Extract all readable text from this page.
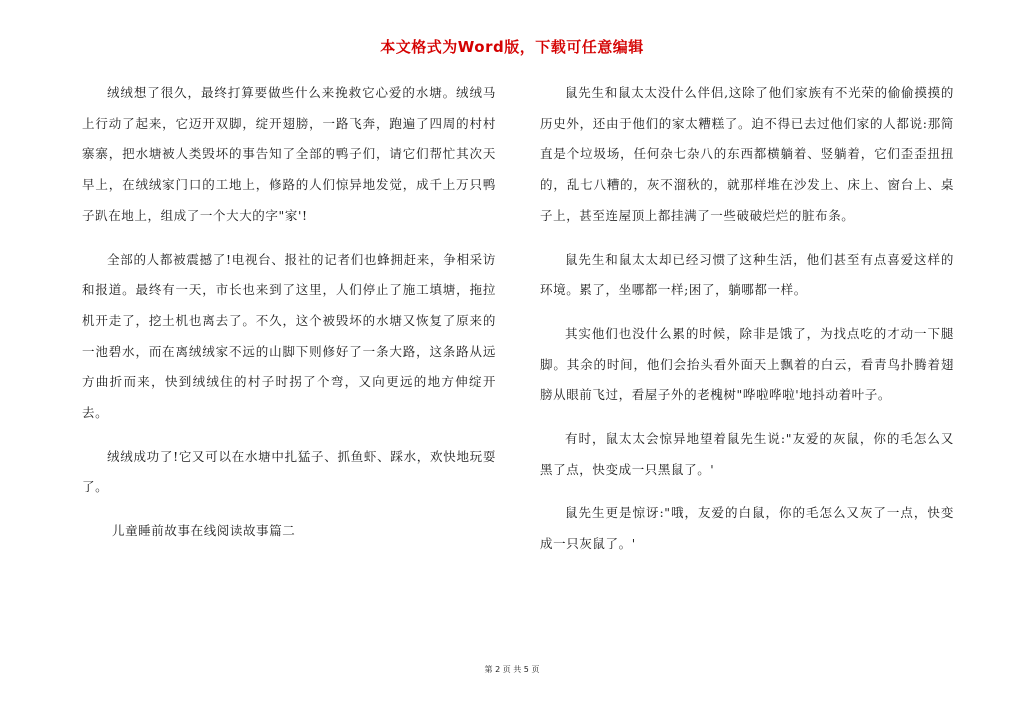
本文格式为Word版，下载可任意编辑

绒绒想了很久，最终打算要做些什么来挽救它心爱的水塘。绒绒马上行动了起来，它迈开双脚，绽开翅膀，一路飞奔，跑遍了四周的村村寨寨，把水塘被人类毁坏的事告知了全部的鸭子们，请它们帮忙其次天早上，在绒绒家门口的工地上，修路的人们惊异地发觉，成千上万只鸭子趴在地上，组成了一个大大的字"家'!

全部的人都被震撼了!电视台、报社的记者们也蜂拥赶来，争相采访和报道。最终有一天，市长也来到了这里，人们停止了施工填塘，拖拉机开走了，挖土机也离去了。不久，这个被毁坏的水塘又恢复了原来的一池碧水，而在离绒绒家不远的山脚下则修好了一条大路，这条路从远方曲折而来，快到绒绒住的村子时拐了个弯，又向更远的地方伸绽开去。

绒绒成功了!它又可以在水塘中扎猛子、抓鱼虾、踩水，欢快地玩耍了。

儿童睡前故事在线阅读故事篇二

鼠先生和鼠太太没什么伴侣,这除了他们家族有不光荣的偷偷摸摸的历史外，还由于他们的家太糟糕了。迫不得已去过他们家的人都说:那简直是个垃圾场，任何杂七杂八的东西都横躺着、竖躺着，它们歪歪扭扭的，乱七八糟的，灰不溜秋的，就那样堆在沙发上、床上、窗台上、桌子上，甚至连屋顶上都挂满了一些破破烂烂的脏布条。

鼠先生和鼠太太却已经习惯了这种生活，他们甚至有点喜爱这样的环境。累了，坐哪都一样;困了，躺哪都一样。

其实他们也没什么累的时候，除非是饿了，为找点吃的才动一下腿脚。其余的时间，他们会抬头看外面天上飘着的白云，看青鸟扑腾着翅膀从眼前飞过，看屋子外的老槐树"哗啦哗啦'地抖动着叶子。

有时，鼠太太会惊异地望着鼠先生说:"友爱的灰鼠，你的毛怎么又黑了点，快变成一只黑鼠了。'

鼠先生更是惊讶:"哦，友爱的白鼠，你的毛怎么又灰了一点，快变成一只灰鼠了。'

第 2 页 共 5 页
